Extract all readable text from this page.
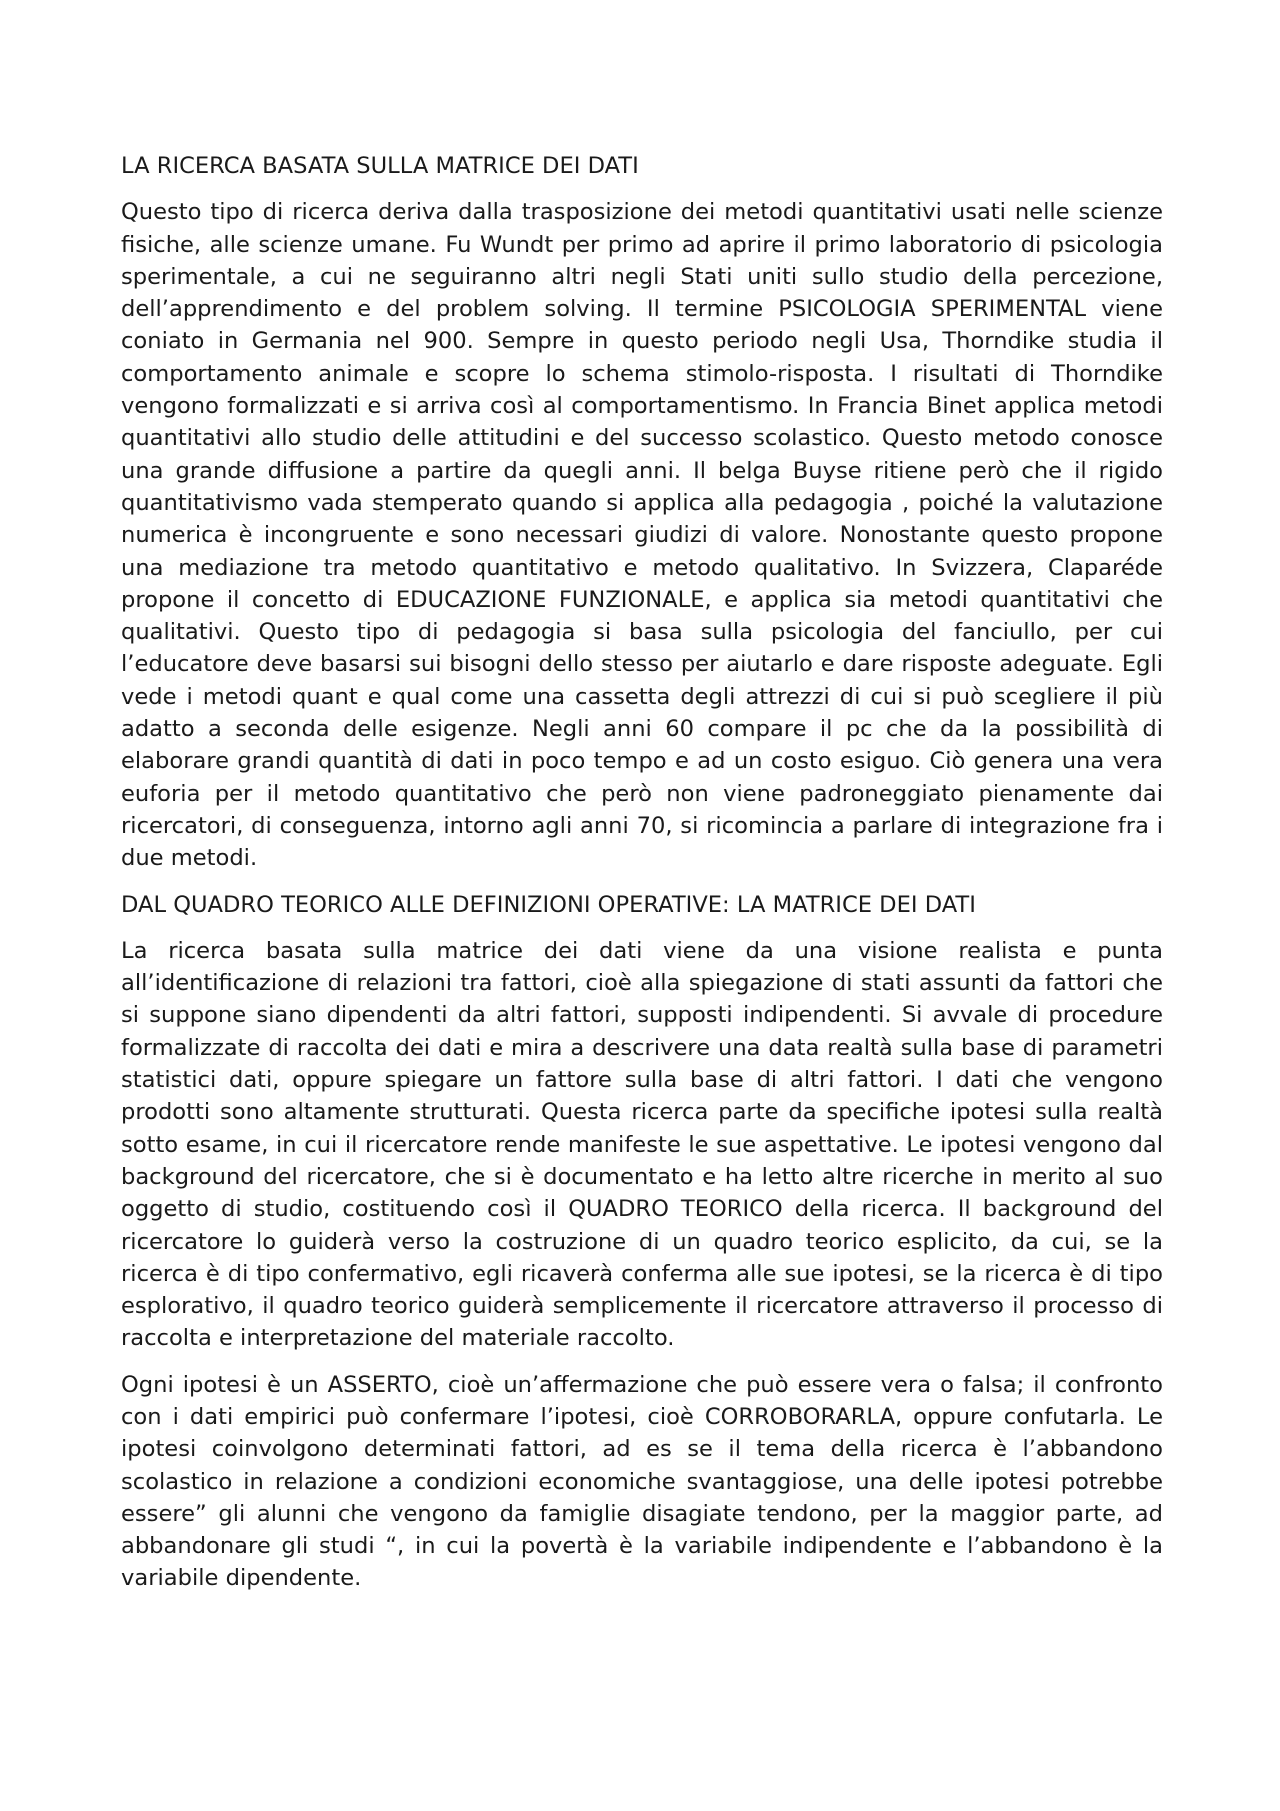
LA RICERCA BASATA SULLA MATRICE DEI DATI

Questo tipo di ricerca deriva dalla trasposizione dei metodi quantitativi usati nelle scienze fisiche, alle scienze umane. Fu Wundt per primo ad aprire il primo laboratorio di psicologia sperimentale, a cui ne seguiranno altri negli Stati uniti sullo studio della percezione, dell’apprendimento e del problem solving. Il termine PSICOLOGIA SPERIMENTAL viene coniato in Germania nel 900. Sempre in questo periodo negli Usa, Thorndike studia il comportamento animale e scopre lo schema stimolo-risposta. I risultati di Thorndike vengono formalizzati e si arriva così al comportamentismo. In Francia Binet applica metodi quantitativi allo studio delle attitudini e del successo scolastico. Questo metodo conosce una grande diffusione a partire da quegli anni. Il belga Buyse ritiene però che il rigido quantitativismo vada stemperato quando si applica alla pedagogia , poiché la valutazione numerica è incongruente e sono necessari giudizi di valore. Nonostante questo propone una mediazione tra metodo quantitativo e metodo qualitativo. In Svizzera, Claparéde propone il concetto di EDUCAZIONE FUNZIONALE, e applica sia metodi quantitativi che qualitativi. Questo tipo di pedagogia si basa sulla psicologia del fanciullo, per cui l’educatore deve basarsi sui bisogni dello stesso per aiutarlo e dare risposte adeguate. Egli vede i metodi quant e qual come una cassetta degli attrezzi di cui si può scegliere il più adatto a seconda delle esigenze. Negli anni 60 compare il pc che da la possibilità di elaborare grandi quantità di dati in poco tempo e ad un costo esiguo. Ciò genera una vera euforia per il metodo quantitativo che però non viene padroneggiato pienamente dai ricercatori, di conseguenza, intorno agli anni 70, si ricomincia a parlare di integrazione fra i due metodi.

DAL QUADRO TEORICO ALLE DEFINIZIONI OPERATIVE: LA MATRICE DEI DATI

La ricerca basata sulla matrice dei dati viene da una visione realista e punta all’identificazione di relazioni tra fattori, cioè alla spiegazione di stati assunti da fattori che si suppone siano dipendenti da altri fattori, supposti indipendenti. Si avvale di procedure formalizzate di raccolta dei dati e mira a descrivere una data realtà sulla base di parametri statistici dati, oppure spiegare un fattore sulla base di altri fattori. I dati che vengono prodotti sono altamente strutturati. Questa ricerca parte da specifiche ipotesi sulla realtà sotto esame, in cui il ricercatore rende manifeste le sue aspettative. Le ipotesi vengono dal background del ricercatore, che si è documentato e ha letto altre ricerche in merito al suo oggetto di studio, costituendo così il QUADRO TEORICO della ricerca. Il background del ricercatore lo guiderà verso la costruzione di un quadro teorico esplicito, da cui, se la ricerca è di tipo confermativo, egli ricaverà conferma alle sue ipotesi, se la ricerca è di tipo esplorativo, il quadro teorico guiderà semplicemente il ricercatore attraverso il processo di raccolta e interpretazione del materiale raccolto.

Ogni ipotesi è un ASSERTO, cioè un’affermazione che può essere vera o falsa; il confronto con i dati empirici può confermare l’ipotesi, cioè CORROBORARLA, oppure confutarla. Le ipotesi coinvolgono determinati fattori, ad es se il tema della ricerca è l’abbandono scolastico in relazione a condizioni economiche svantaggiose, una delle ipotesi potrebbe essere” gli alunni che vengono da famiglie disagiate tendono, per la maggior parte, ad abbandonare gli studi “, in cui la povertà è la variabile indipendente e l’abbandono è la variabile dipendente.
